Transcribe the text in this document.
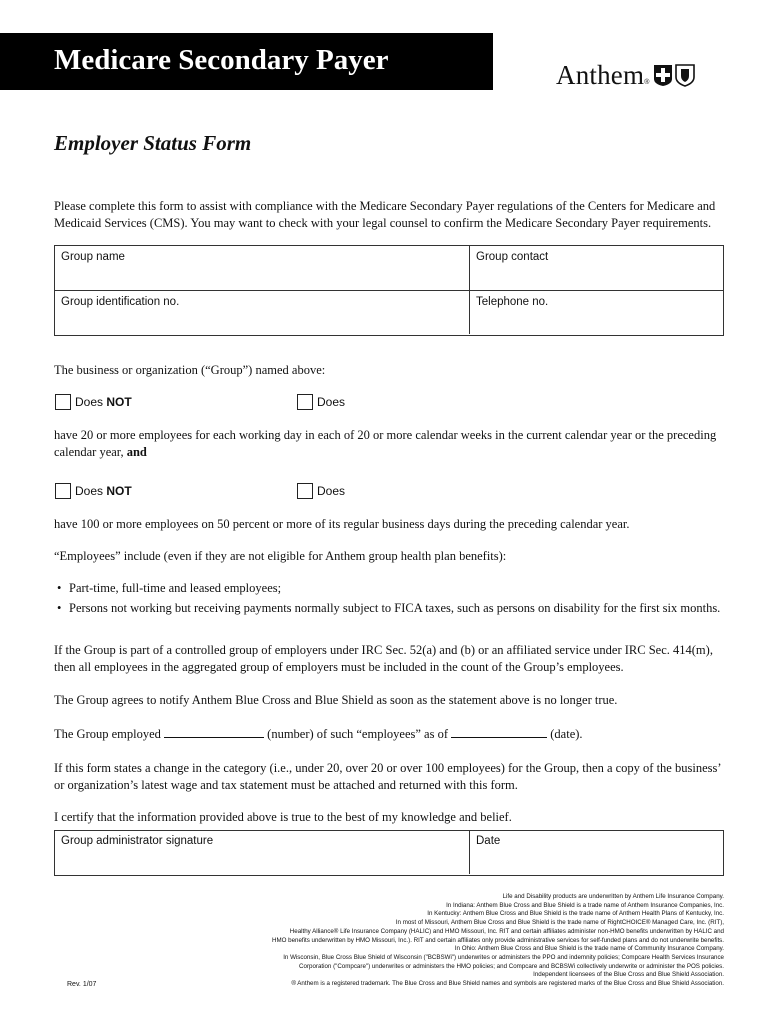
Medicare Secondary Payer	Anthem ®
Employer Status Form
Please complete this form to assist with compliance with the Medicare Secondary Payer regulations of the Centers for Medicare and
Medicaid Services (CMS). You may want to check with your legal counsel to confirm the Medicare Secondary Payer requirements.
Group name	Group contact
Group identification no.	Telephone no.
The business or organization (“Group”) named above:
Does NOT	Does
have 20 or more employees for each working day in each of 20 or more calendar weeks in the current calendar year or the preceding
calendar year, and
Does NOT	Does
have 100 or more employees on 50 percent or more of its regular business days during the preceding calendar year.
“Employees” include (even if they are not eligible for Anthem group health plan benefits):
• Part-time, full-time and leased employees;
• Persons not working but receiving payments normally subject to FICA taxes, such as persons on disability for the first six months.
If the Group is part of a controlled group of employers under IRC Sec. 52(a) and (b) or an affiliated service under IRC Sec. 414(m),
then all employees in the aggregated group of employers must be included in the count of the Group’s employees.
The Group agrees to notify Anthem Blue Cross and Blue Shield as soon as the statement above is no longer true.
The Group employed	(number) of such “employees” as of	(date).
If this form states a change in the category (i.e., under 20, over 20 or over 100 employees) for the Group, then a copy of the business’
or organization’s latest wage and tax statement must be attached and returned with this form.
I certify that the information provided above is true to the best of my knowledge and belief.
Group administrator signature	Date
Life and Disability products are underwritten by Anthem Life Insurance Company.
In Indiana: Anthem Blue Cross and Blue Shield is a trade name of Anthem Insurance Companies, Inc.
In Kentucky: Anthem Blue Cross and Blue Shield is the trade name of Anthem Health Plans of Kentucky, Inc.
In most of Missouri, Anthem Blue Cross and Blue Shield is the trade name of RightCHOICE® Managed Care, Inc. (RIT),
Healthy Alliance® Life Insurance Company (HALIC) and HMO Missouri, Inc. RIT and certain affiliates administer non-HMO benefits underwritten by HALIC and
HMO benefits underwritten by HMO Missouri, Inc.). RIT and certain affiliates only provide administrative services for self-funded plans and do not underwrite benefits.
In Ohio: Anthem Blue Cross and Blue Shield is the trade name of Community Insurance Company.
In Wisconsin, Blue Cross Blue Shield of Wisconsin ("BCBSWi") underwrites or administers the PPO and indemnity policies; Compcare Health Services Insurance
Corporation ("Compcare") underwrites or administers the HMO policies; and Compcare and BCBSWi collectively underwrite or administer the POS policies.
Independent licensees of the Blue Cross and Blue Shield Association.
® Anthem is a registered trademark. The Blue Cross and Blue Shield names and symbols are registered marks of the Blue Cross and Blue Shield Association.
Rev. 1/07
